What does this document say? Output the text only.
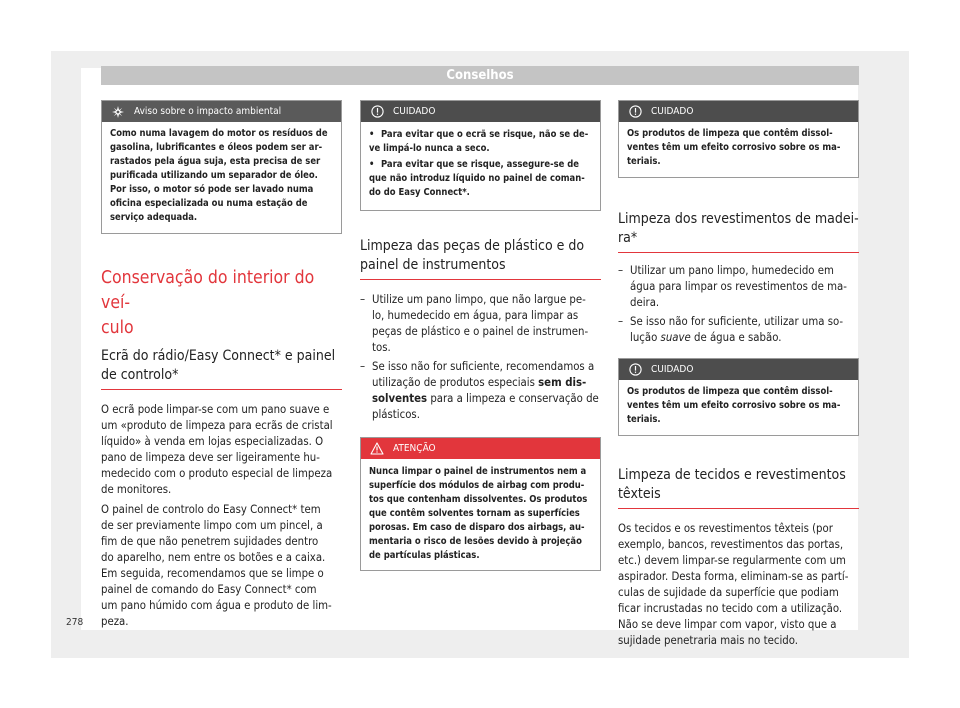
Conselhos
Aviso sobre o impacto ambiental
Como numa lavagem do motor os resíduos de
gasolina, lubrificantes e óleos podem ser ar-
rastados pela água suja, esta precisa de ser
purificada utilizando um separador de óleo.
Por isso, o motor só pode ser lavado numa
oficina especializada ou numa estação de
serviço adequada.
Conservação do interior do veí-
culo
Ecrã do rádio/Easy Connect* e painel
de controlo*

O ecrã pode limpar-se com um pano suave e

um «produto de limpeza para ecrãs de cristal

líquido» à venda em lojas especializadas. O

pano de limpeza deve ser ligeiramente hu-

medecido com o produto especial de limpeza

de monitores.

O painel de controlo do Easy Connect* tem

de ser previamente limpo com um pincel, a

fim de que não penetrem sujidades dentro

do aparelho, nem entre os botões e a caixa.

Em seguida, recomendamos que se limpe o

painel de comando do Easy Connect* com

um pano húmido com água e produto de lim-

peza.

CUIDADO
• Para evitar que o ecrã se risque, não se de-
ve limpá-lo nunca a seco.
• Para evitar que se risque, assegure-se de
que não introduz líquido no painel de coman-
do do Easy Connect*.
Limpeza das peças de plástico e do
painel de instrumentos
– Utilize um pano limpo, que não largue pe-
lo, humedecido em água, para limpar as
peças de plástico e o painel de instrumen-
tos.
– Se isso não for suficiente, recomendamos a
utilização de produtos especiais sem dis-
solventes para a limpeza e conservação de
plásticos.
ATENÇÃO
Nunca limpar o painel de instrumentos nem a
superfície dos módulos de airbag com produ-
tos que contenham dissolventes. Os produtos
que contêm solventes tornam as superfícies
porosas. Em caso de disparo dos airbags, au-
mentaria o risco de lesões devido à projeção
de partículas plásticas.
CUIDADO
Os produtos de limpeza que contêm dissol-
ventes têm um efeito corrosivo sobre os ma-
teriais.
Limpeza dos revestimentos de madei-
ra*
– Utilizar um pano limpo, humedecido em
água para limpar os revestimentos de ma-
deira.
– Se isso não for suficiente, utilizar uma so-
lução suave de água e sabão.
CUIDADO
Os produtos de limpeza que contêm dissol-
ventes têm um efeito corrosivo sobre os ma-
teriais.
Limpeza de tecidos e revestimentos
têxteis

Os tecidos e os revestimentos têxteis (por

exemplo, bancos, revestimentos das portas,

etc.) devem limpar-se regularmente com um

aspirador. Desta forma, eliminam-se as partí-

culas de sujidade da superfície que podiam

ficar incrustadas no tecido com a utilização.

Não se deve limpar com vapor, visto que a

sujidade penetraria mais no tecido.

278
